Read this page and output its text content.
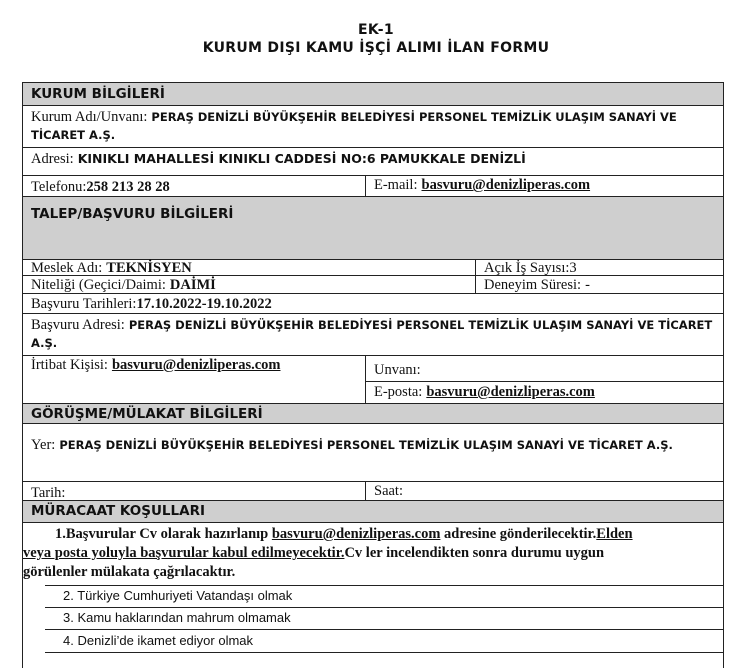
EK-1
KURUM DIŞI KAMU İŞÇİ ALIMI İLAN FORMU
KURUM BİLGİLERİ
Kurum Adı/Unvanı: PERAŞ DENİZLİ BÜYÜKŞEHİR BELEDİYESİ PERSONEL TEMİZLİK ULAŞIM SANAYİ VE
TİCARET A.Ş.
Adresi: KINIKLI MAHALLESİ KINIKLI CADDESİ NO:6 PAMUKKALE DENİZLİ
Telefonu:258 213 28 28	E-mail: basvuru@denizliperas.com
TALEP/BAŞVURU BİLGİLERİ
Meslek Adı: TEKNİSYEN	Açık İş Sayısı:3
Niteliği (Geçici/Daimi: DAİMİ	Deneyim Süresi: -
Başvuru Tarihleri:17.10.2022-19.10.2022
Başvuru Adresi: PERAŞ DENİZLİ BÜYÜKŞEHİR BELEDİYESİ PERSONEL TEMİZLİK ULAŞIM SANAYİ VE TİCARET
A.Ş.
İrtibat Kişisi: basvuru@denizliperas.com	Unvanı:
E-posta: basvuru@denizliperas.com
GÖRÜŞME/MÜLAKAT BİLGİLERİ
Yer: PERAŞ DENİZLİ BÜYÜKŞEHİR BELEDİYESİ PERSONEL TEMİZLİK ULAŞIM SANAYİ VE TİCARET A.Ş.
Tarih:	Saat:
MÜRACAAT KOŞULLARI
1.Başvurular Cv olarak hazırlanıp basvuru@denizliperas.com adresine gönderilecektir.Elden
veya posta yoluyla başvurular kabul edilmeyecektir.Cv ler incelendikten sonra durumu uygun
görülenler mülakata çağrılacaktır.
2. Türkiye Cumhuriyeti Vatandaşı olmak
3. Kamu haklarından mahrum olmamak
4. Denizli’de ikamet ediyor olmak
